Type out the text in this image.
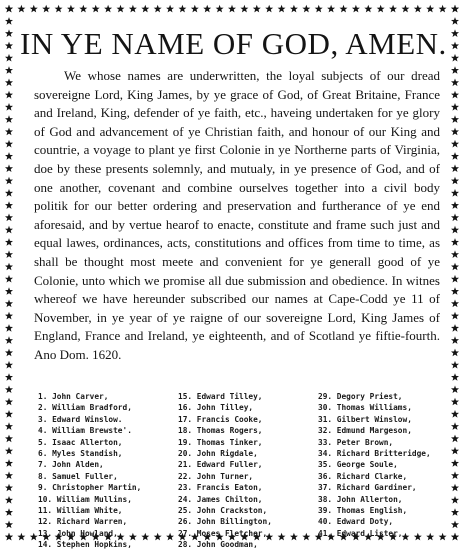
IN YE NAME OF GOD, AMEN.

We whose names are underwritten, the loyal subjects of our dread sovereigne Lord, King James, by ye grace of God, of Great Britaine, France and Ireland, King, defender of ye faith, etc., haveing undertaken for ye glory of God and advancement of ye Christian faith, and honour of our King and countrie, a voyage to plant ye first Colonie in ye Northerne parts of Virginia, doe by these presents solemnly, and mutualy, in ye presence of God, and of one another, covenant and combine ourselves together into a civil body politik for our better ordering and preservation and furtherance of ye end aforesaid, and by vertue hearof to enacte, constitute and frame such just and equal lawes, ordinances, acts, constitutions and offices from time to time, as shall be thought most meete and convenient for ye generall good of ye Colonie, unto which we promise all due submission and obedience. In witnes whereof we have hereunder subscribed our names at Cape-Codd ye 11 of November, in ye year of ye raigne of our sovereigne Lord, King James of England, France and Ireland, ye eighteenth, and of Scotland ye fiftie-fourth. Ano Dom. 1620.

1. John Carver,
2. William Bradford,
3. Edward Winslow.
4. William Brewste'.
5. Isaac Allerton,
6. Myles Standish,
7. John Alden,
8. Samuel Fuller,
9. Christopher Martin,
10. William Mullins,
11. William White,
12. Richard Warren,
13. John Howland,
14. Stephen Hopkins,
15. Edward Tilley,
16. John Tilley,
17. Francis Cooke,
18. Thomas Rogers,
19. Thomas Tinker,
20. John Rigdale,
21. Edward Fuller,
22. John Turner,
23. Francis Eaton,
24. James Chilton,
25. John Crackston,
26. John Billington,
27. Moses Fletcher,
28. John Goodman,
29. Degory Priest,
30. Thomas Williams,
31. Gilbert Winslow,
32. Edmund Margeson,
33. Peter Brown,
34. Richard Britteridge,
35. George Soule,
36. Richard Clarke,
37. Richard Gardiner,
38. John Allerton,
39. Thomas English,
40. Edward Doty,
41. Edward Lister,
